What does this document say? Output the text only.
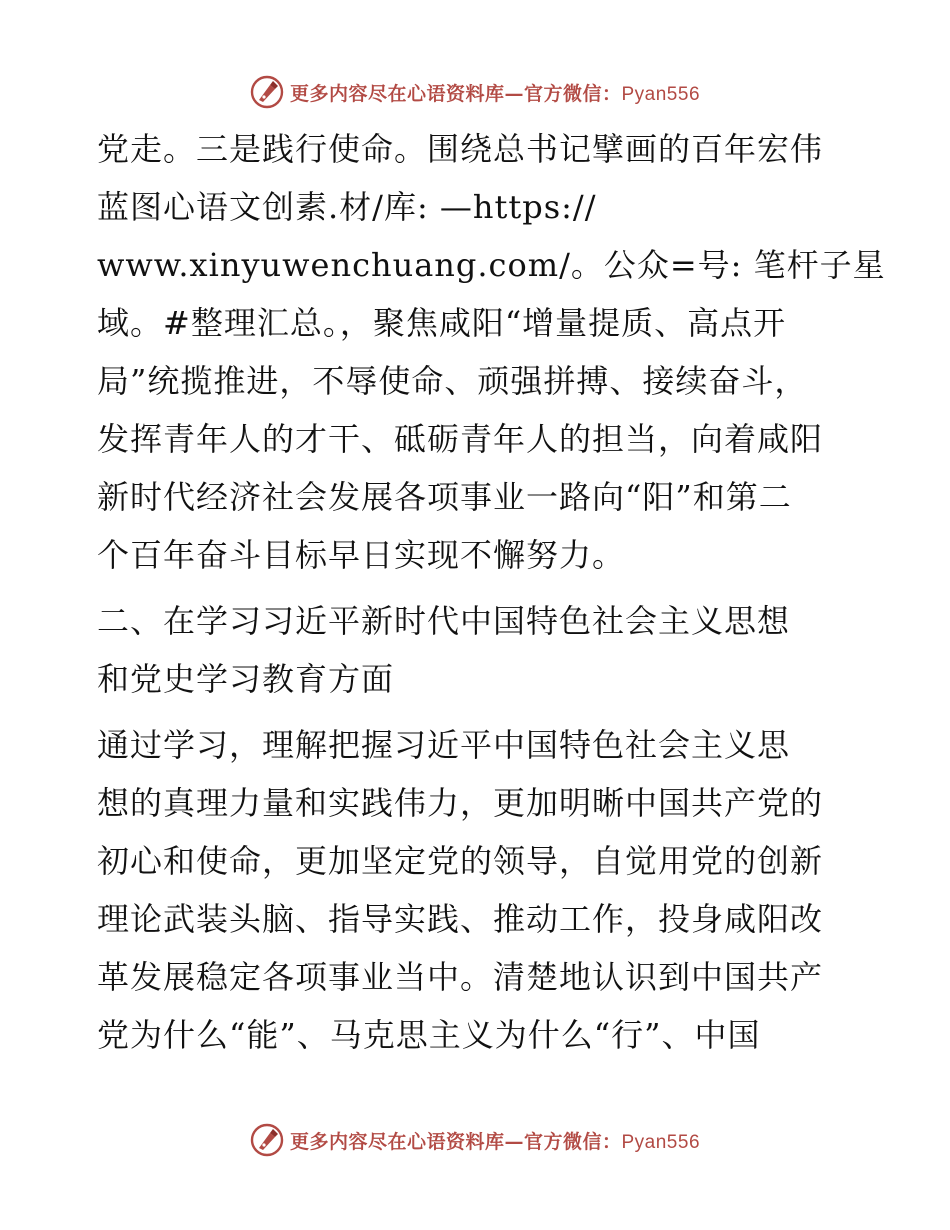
更多内容尽在心语资料库—官方微信：Pyan556

党走。三是践行使命。围绕总书记擘画的百年宏伟
蓝图心语文创素.材/库: —https://
www.xinyuwenchuang.com/。公众=号: 笔杆子星
域。#整理汇总。，聚焦咸阳“增量提质、高点开
局”统揽推进，不辱使命、顽强拼搏、接续奋斗，
发挥青年人的才干、砥砺青年人的担当，向着咸阳
新时代经济社会发展各项事业一路向“阳”和第二
个百年奋斗目标早日实现不懈努力。

二、在学习习近平新时代中国特色社会主义思想
和党史学习教育方面

通过学习，理解把握习近平中国特色社会主义思
想的真理力量和实践伟力，更加明晰中国共产党的
初心和使命，更加坚定党的领导，自觉用党的创新
理论武装头脑、指导实践、推动工作，投身咸阳改
革发展稳定各项事业当中。清楚地认识到中国共产
党为什么“能”、马克思主义为什么“行”、中国

更多内容尽在心语资料库—官方微信：Pyan556
